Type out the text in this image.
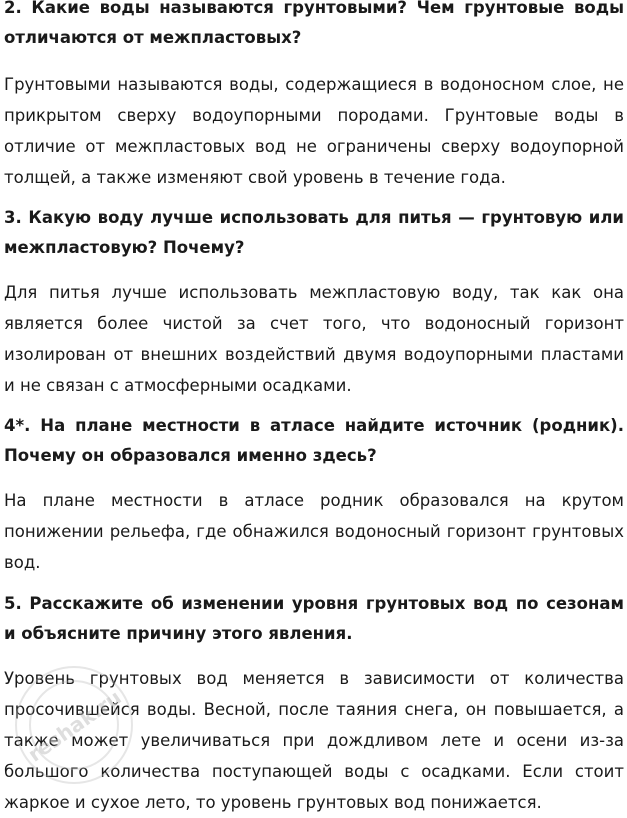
2. Какие воды называются грунтовыми? Чем грунтовые воды отличаются от межпластовых?

Грунтовыми называются воды, содержащиеся в водоносном слое, не прикрытом сверху водоупорными породами. Грунтовые воды в отличие от межпластовых вод не ограничены сверху водоупорной толщей, а также изменяют свой уровень в течение года.

3. Какую воду лучше использовать для питья — грунтовую или межпластовую? Почему?

Для питья лучше использовать межпластовую воду, так как она является более чистой за счет того, что водоносный горизонт изолирован от внешних воздействий двумя водоупорными пластами и не связан с атмосферными осадками.

4*. На плане местности в атласе найдите источник (родник). Почему он образовался именно здесь?

На плане местности в атласе родник образовался на крутом понижении рельефа, где обнажился водоносный горизонт грунтовых вод.

5. Расскажите об изменении уровня грунтовых вод по сезонам и объясните причину этого явления.

Уровень грунтовых вод меняется в зависимости от количества просочившейся воды. Весной, после таяния снега, он повышается, а также может увеличиваться при дождливом лете и осени из-за большого количества поступающей воды с осадками. Если стоит жаркое и сухое лето, то уровень грунтовых вод понижается.

reshak.ru
